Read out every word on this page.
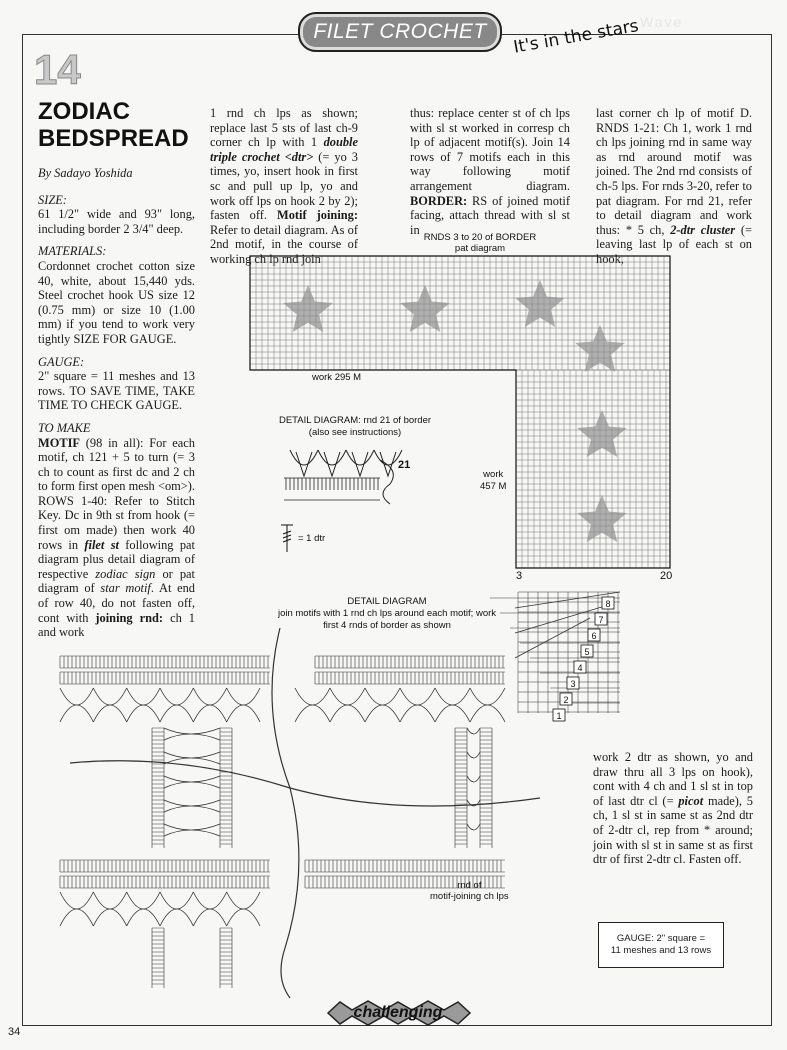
Wave
FILET CROCHET It's in the stars
14
ZODIAC
BEDSPREAD

By Sadayo Yoshida

SIZE:

61 1/2" wide and 93" long, including border 2 3/4" deep.

MATERIALS:

Cordonnet crochet cotton size 40, white, about 15,440 yds. Steel crochet hook US size 12 (0.75 mm) or size 10 (1.00 mm) if you tend to work very tightly SIZE FOR GAUGE.

GAUGE:

2" square = 11 meshes and 13 rows. TO SAVE TIME, TAKE TIME TO CHECK GAUGE.

TO MAKE

MOTIF (98 in all): For each motif, ch 121 + 5 to turn (= 3 ch to count as first dc and 2 ch to form first open mesh <om>). ROWS 1-40: Refer to Stitch Key. Dc in 9th st from hook (= first om made) then work 40 rows in filet st following pat diagram plus detail diagram of respective zodiac sign or pat diagram of star motif. At end of row 40, do not fasten off, cont with joining rnd: ch 1 and work

1 rnd ch lps as shown; replace last 5 sts of last ch-9 corner ch lp with 1 double triple crochet <dtr> (= yo 3 times, yo, insert hook in first sc and pull up lp, yo and work off lps on hook 2 by 2); fasten off. Motif joining: Refer to detail diagram. As of 2nd motif, in the course of working ch lp rnd join

thus: replace center st of ch lps with sl st worked in corresp ch lp of adjacent motif(s). Join 14 rows of 7 motifs each in this way following motif arrangement diagram. BORDER: RS of joined motif facing, attach thread with sl st in

last corner ch lp of motif D. RNDS 1-21: Ch 1, work 1 rnd ch lps joining rnd in same way as rnd around motif was joined. The 2nd rnd consists of ch-5 lps. For rnds 3-20, refer to pat diagram. For rnd 21, refer to detail diagram and work thus: * 5 ch, 2-dtr cluster (= leaving last lp of each st on hook,

work 2 dtr as shown, yo and draw thru all 3 lps on hook), cont with 4 ch and 1 sl st in top of last dtr cl (= picot made), 5 ch, 1 sl st in same st as 2nd dtr of 2-dtr cl, rep from * around; join with sl st in same st as first dtr of first 2-dtr cl. Fasten off.

RNDS 3 to 20 of BORDER
pat diagram
work 295 M
work
457 M
3	20
DETAIL DIAGRAM: rnd 21 of border
(also see instructions)
21
= 1 dtr
DETAIL DIAGRAM
join motifs with 1 rnd ch lps around each motif; work
first 4 rnds of border as shown
8
7
6
5
4
3
2
1
rnd of
motif-joining ch lps
GAUGE: 2" square =
11 meshes and 13 rows
challenging
34
